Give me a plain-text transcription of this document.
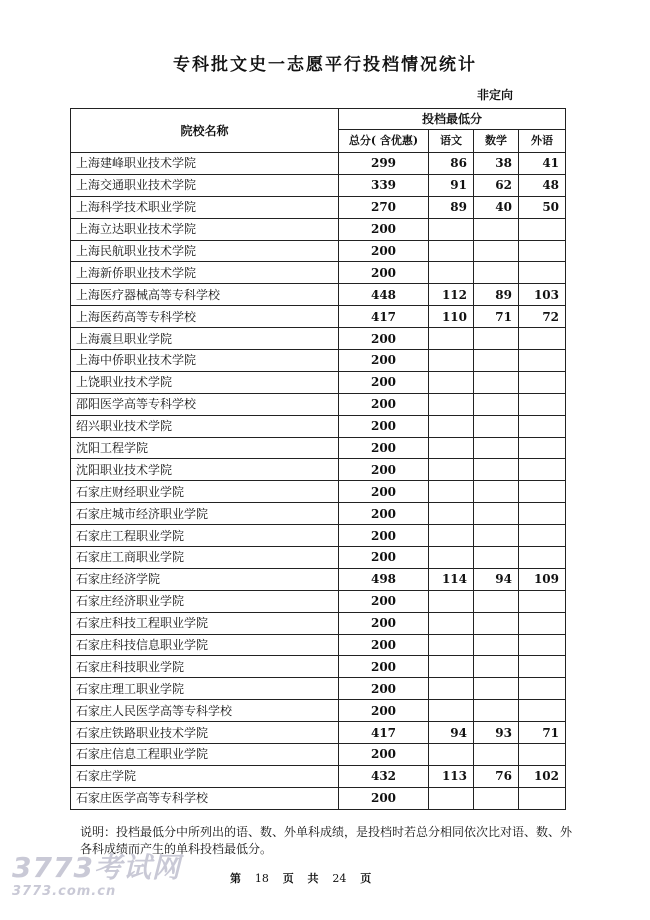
专科批文史一志愿平行投档情况统计
非定向
院校名称	投档最低分			
	总分( 含优惠)	语文	数学	外语
上海建峰职业技术学院	299	86	38	41
上海交通职业技术学院	339	91	62	48
上海科学技术职业学院	270	89	40	50
上海立达职业技术学院	200			
上海民航职业技术学院	200			
上海新侨职业技术学院	200			
上海医疗器械高等专科学校	448	112	89	103
上海医药高等专科学校	417	110	71	72
上海震旦职业学院	200			
上海中侨职业技术学院	200			
上饶职业技术学院	200			
邵阳医学高等专科学校	200			
绍兴职业技术学院	200			
沈阳工程学院	200			
沈阳职业技术学院	200			
石家庄财经职业学院	200			
石家庄城市经济职业学院	200			
石家庄工程职业学院	200			
石家庄工商职业学院	200			
石家庄经济学院	498	114	94	109
石家庄经济职业学院	200			
石家庄科技工程职业学院	200			
石家庄科技信息职业学院	200			
石家庄科技职业学院	200			
石家庄理工职业学院	200			
石家庄人民医学高等专科学校	200			
石家庄铁路职业技术学院	417	94	93	71
石家庄信息工程职业学院	200			
石家庄学院	432	113	76	102
石家庄医学高等专科学校	200			
说明：投档最低分中所列出的语、数、外单科成绩，是投档时若总分相同依次比对语、数、外各科成绩而产生的单科投档最低分。
第 18 页 共 24 页
3773考试网
3773.com.cn
